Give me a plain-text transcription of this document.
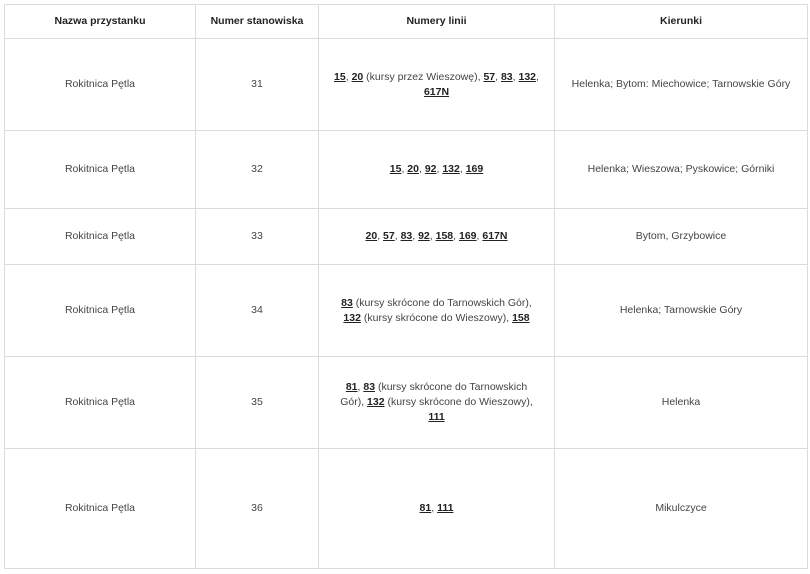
Nazwa przystanku	Numer stanowiska	Numery linii	Kierunki
Rokitnica Pętla	31	15, 20 (kursy przez Wieszowę), 57, 83, 132, 617N	Helenka; Bytom: Miechowice; Tarnowskie Góry
Rokitnica Pętla	32	15, 20, 92, 132, 169	Helenka; Wieszowa; Pyskowice; Górniki
Rokitnica Pętla	33	20, 57, 83, 92, 158, 169, 617N	Bytom, Grzybowice
Rokitnica Pętla	34	83 (kursy skrócone do Tarnowskich Gór), 132 (kursy skrócone do Wieszowy), 158	Helenka; Tarnowskie Góry
Rokitnica Pętla	35	81, 83 (kursy skrócone do Tarnowskich Gór), 132 (kursy skrócone do Wieszowy), 111	Helenka
Rokitnica Pętla	36	81, 111	Mikulczyce
